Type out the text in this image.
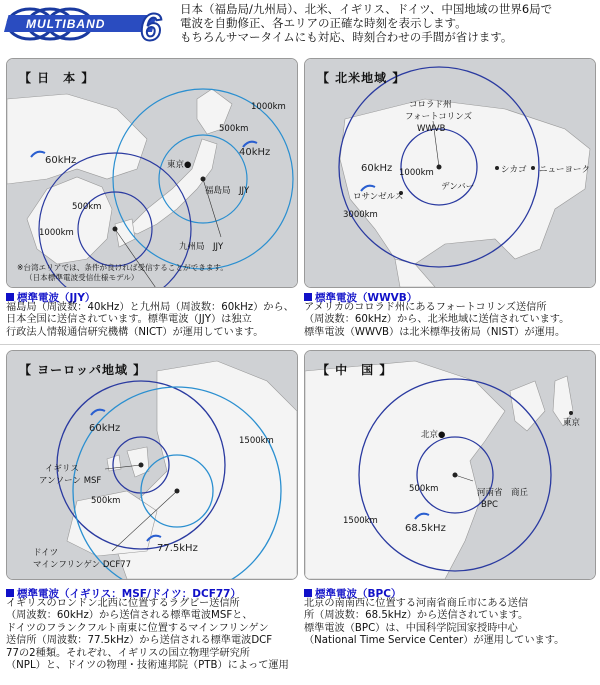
MULTIBAND 6 日本（福島局/九州局）、北米、イギリス、ドイツ、中国地域の世界6局で
電波を自動修正、各エリアの正確な時刻を表示します。
もちろんサマータイムにも対応、時刻合わせの手間が省けます。
1000km
500km
40kHz
60kHz	東京●
福島局　JJY
500km
1000km
九州局　JJY
【 日　本 】
※台湾エリアでは、条件が良ければ受信することができます。
（日本標準電波受信仕様モデル）
標準電波（JJY）
福島局（周波数：40kHz）と九州局（周波数：60kHz）から、
日本全国に送信されています。標準電波（JJY）は独立
行政法人情報通信研究機構（NICT）が運用しています。
コロラド州
フォートコリンズ
WWVB
60kHz 1000km
デンバー
シカゴ ニューヨーク
ロサンゼルス
3000km
【 北米地域 】
標準電波（WWVB）
アメリカのコロラド州にあるフォートコリンズ送信所
（周波数：60kHz）から、北米地域に送信されています。
標準電波（WWVB）は北米標準技術局（NIST）が運用。
60kHz
1500km
イギリス
アンソーン MSF
500km
77.5kHz
ドイツ
マインフリンゲン DCF77
【 ヨーロッパ地域 】
標準電波（イギリス：MSF/ドイツ：DCF77）
イギリスのロンドン北西に位置するラグビー送信所
（周波数：60kHz）から送信される標準電波MSFと、
ドイツのフランクフルト南東に位置するマインフリンゲン
送信所（周波数：77.5kHz）から送信される標準電波DCF
77の2種類。それぞれ、イギリスの国立物理学研究所
（NPL）と、ドイツの物理・技術連邦院（PTB）によって運用
北京●
東京
500km	河南省　商丘
BPC
1500km
68.5kHz
【 中　国 】
標準電波（BPC）
北京の南南西に位置する河南省商丘市にある送信
所（周波数：68.5kHz）から送信されています。
標準電波（BPC）は、中国科学院国家授時中心
（National Time Service Center）が運用しています。
